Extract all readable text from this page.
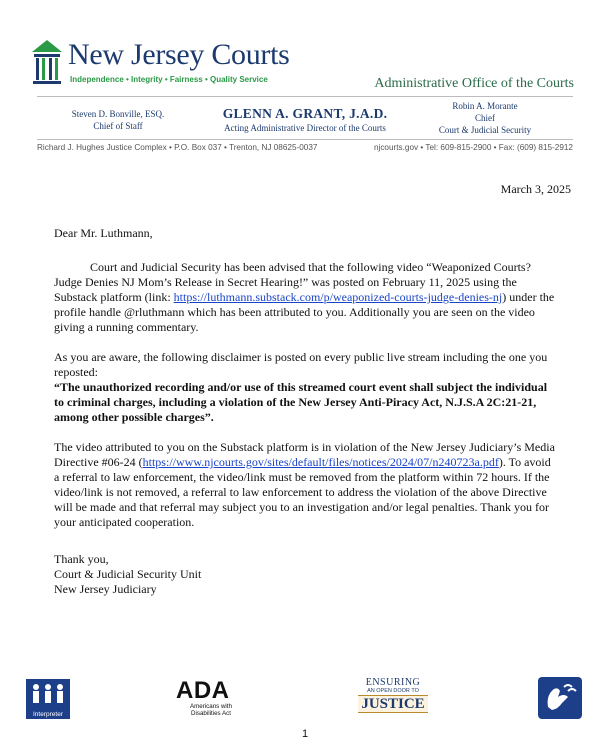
New Jersey Courts
Independence • Integrity • Fairness • Quality Service	Administrative Office of the Courts
Steven D. Bonville, ESQ.
Chief of Staff
GLENN A. GRANT, J.A.D.
Acting Administrative Director of the Courts
Robin A. Morante
Chief
Court & Judicial Security
Richard J. Hughes Justice Complex • P.O. Box 037 • Trenton, NJ 08625-0037	njcourts.gov • Tel: 609-815-2900 • Fax: (609) 815-2912
March 3, 2025

Dear Mr. Luthmann,

Court and Judicial Security has been advised that the following video “Weaponized Courts? Judge Denies NJ Mom’s Release in Secret Hearing!” was posted on February 11, 2025 using the Substack platform (link: https://luthmann.substack.com/p/weaponized-courts-judge-denies-nj) under the profile handle @rluthmann which has been attributed to you. Additionally you are seen on the video giving a running commentary.

As you are aware, the following disclaimer is posted on every public live stream including the one you reposted:
“The unauthorized recording and/or use of this streamed court event shall subject the individual to criminal charges, including a violation of the New Jersey Anti-Piracy Act, N.J.S.A 2C:21-21, among other possible charges”.

The video attributed to you on the Substack platform is in violation of the New Jersey Judiciary’s Media Directive #06-24 (https://www.njcourts.gov/sites/default/files/notices/2024/07/n240723a.pdf). To avoid a referral to law enforcement, the video/link must be removed from the platform within 72 hours. If the video/link is not removed, a referral to law enforcement to address the violation of the above Directive will be made and that referral may subject you to an investigation and/or legal penalties. Thank you for your anticipated cooperation.

Thank you,
Court & Judicial Security Unit
New Jersey Judiciary

Interpreter
ADA
Americans with Disabilities Act
ENSURING
AN OPEN DOOR TO
JUSTICE
1
